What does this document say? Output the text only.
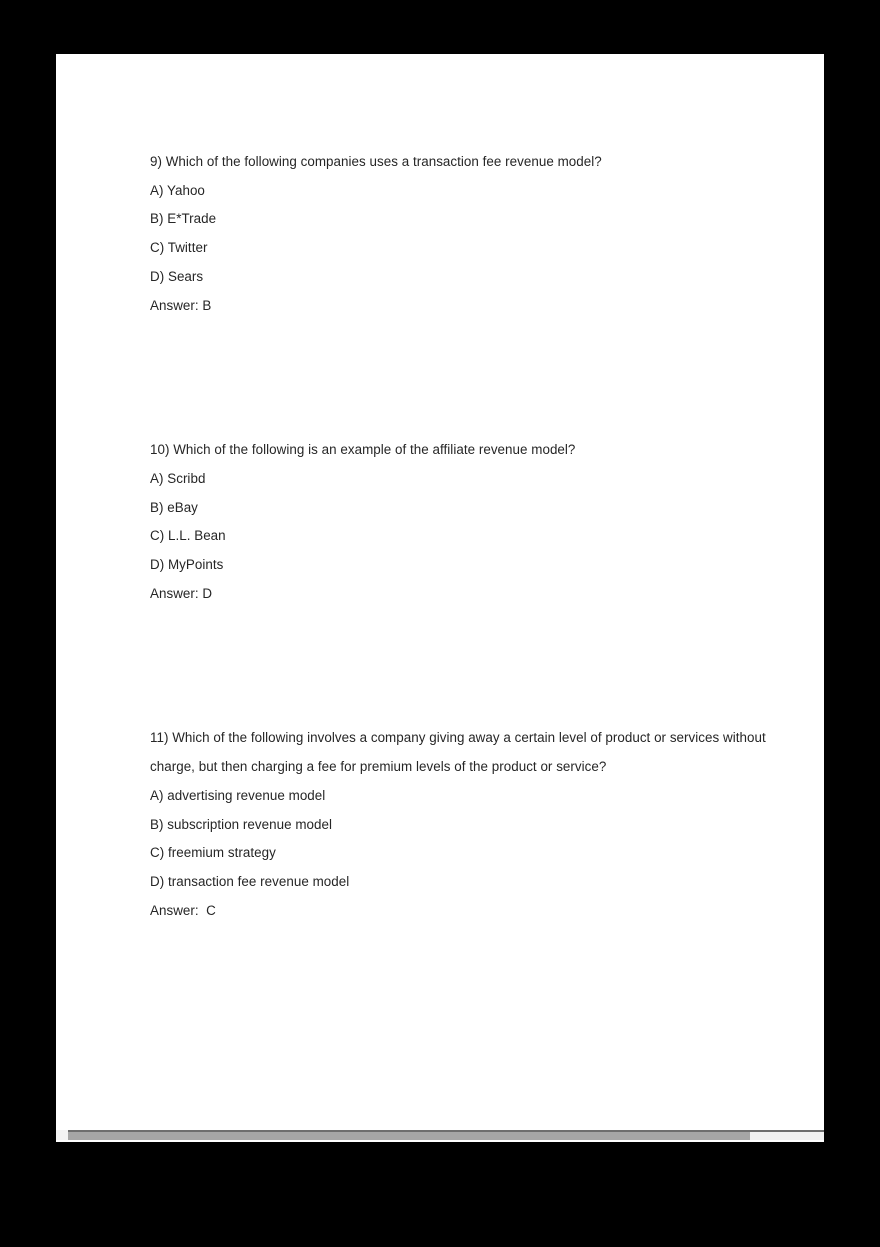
9) Which of the following companies uses a transaction fee revenue model?
A) Yahoo
B) E*Trade
C) Twitter
D) Sears
Answer: B
10) Which of the following is an example of the affiliate revenue model?
A) Scribd
B) eBay
C) L.L. Bean
D) MyPoints
Answer: D
11) Which of the following involves a company giving away a certain level of product or services without charge, but then charging a fee for premium levels of the product or service?
A) advertising revenue model
B) subscription revenue model
C) freemium strategy
D) transaction fee revenue model
Answer:  C
